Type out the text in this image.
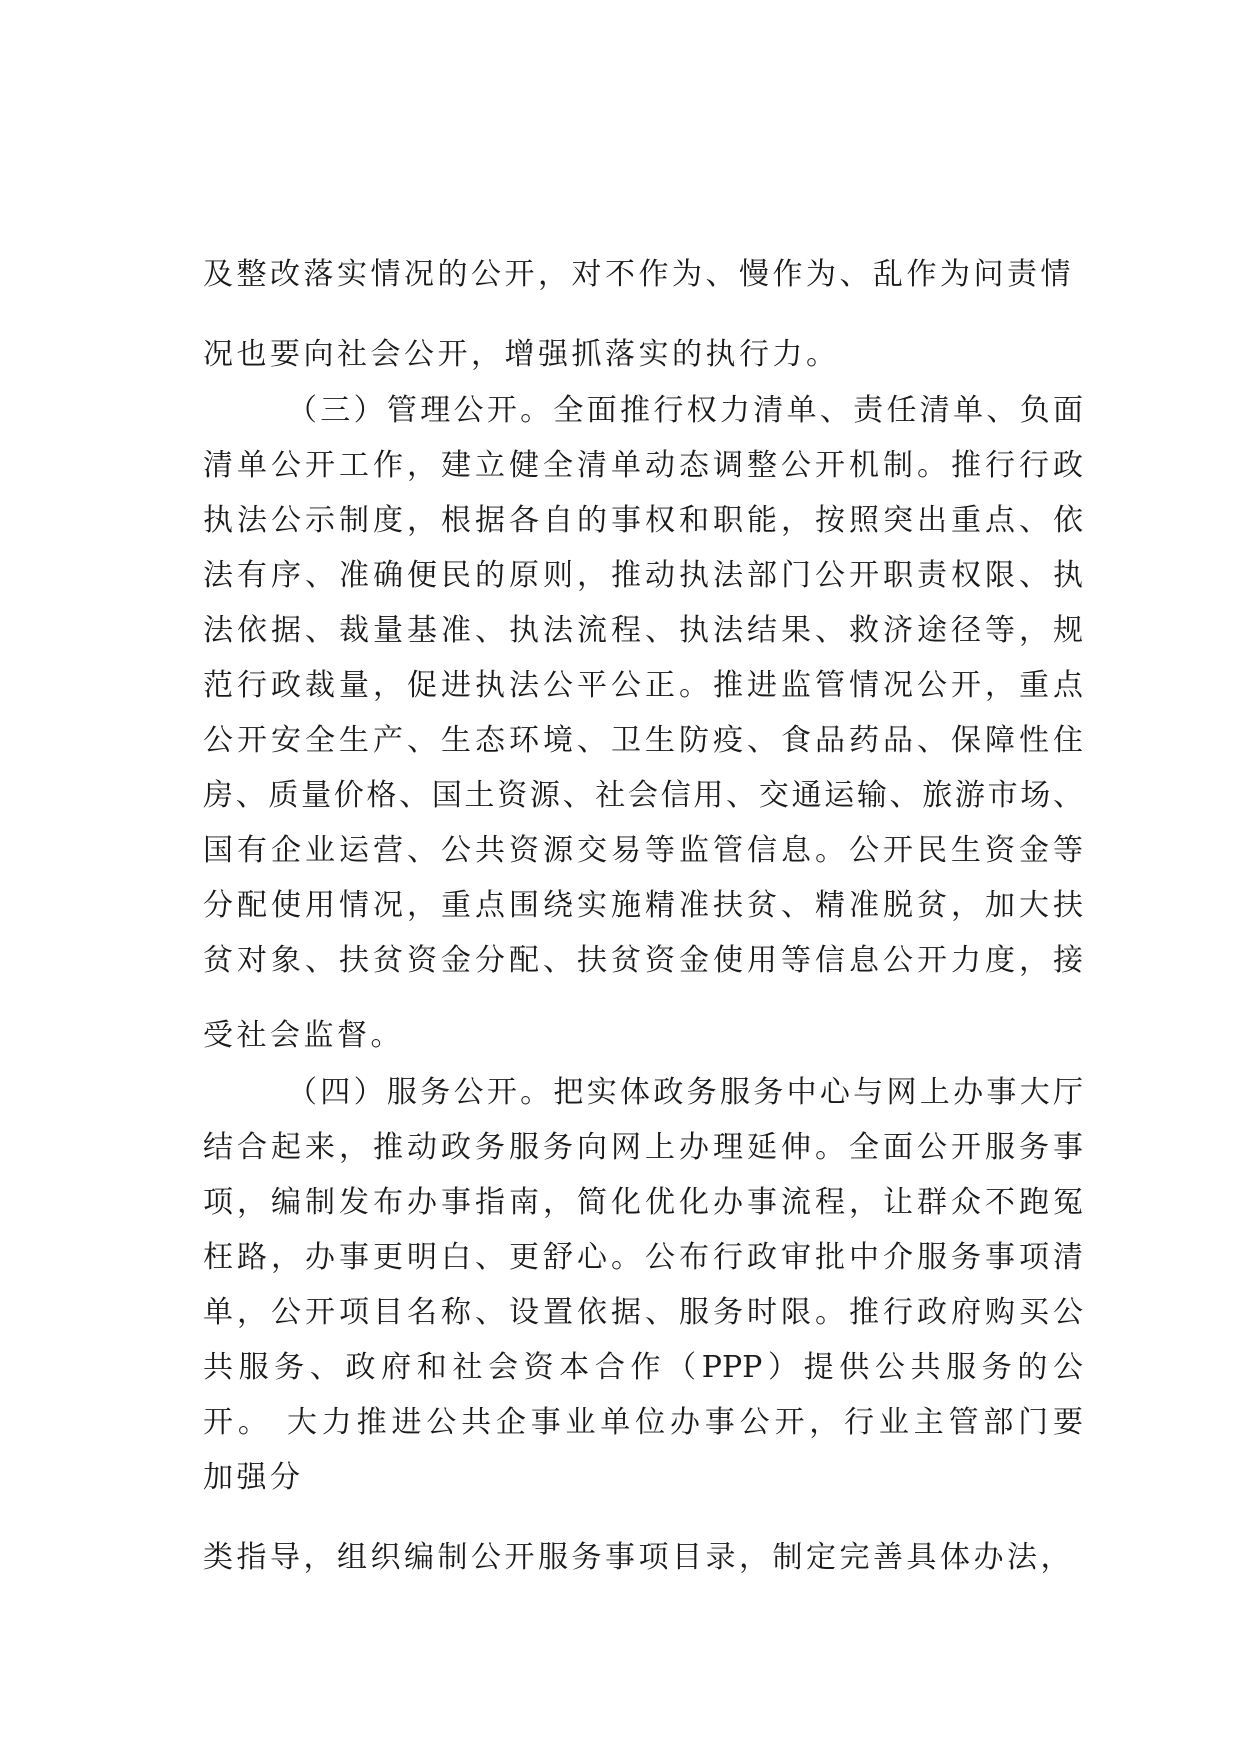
及整改落实情况的公开，对不作为、慢作为、乱作为问责情
况也要向社会公开，增强抓落实的执行力。
（三）管理公开。全面推行权力清单、责任清单、负面
清单公开工作，建立健全清单动态调整公开机制。推行行政
执法公示制度，根据各自的事权和职能，按照突出重点、依
法有序、准确便民的原则，推动执法部门公开职责权限、执
法依据、裁量基准、执法流程、执法结果、救济途径等，规
范行政裁量，促进执法公平公正。推进监管情况公开，重点
公开安全生产、生态环境、卫生防疫、食品药品、保障性住
房、质量价格、国土资源、社会信用、交通运输、旅游市场、
国有企业运营、公共资源交易等监管信息。公开民生资金等
分配使用情况，重点围绕实施精准扶贫、精准脱贫，加大扶
贫对象、扶贫资金分配、扶贫资金使用等信息公开力度，接
受社会监督。
（四）服务公开。把实体政务服务中心与网上办事大厅
结合起来，推动政务服务向网上办理延伸。全面公开服务事
项，编制发布办事指南，简化优化办事流程，让群众不跑冤
枉路，办事更明白、更舒心。公布行政审批中介服务事项清
单，公开项目名称、设置依据、服务时限。推行政府购买公
共服务、政府和社会资本合作（PPP）提供公共服务的公
开。 大力推进公共企事业单位办事公开，行业主管部门要
加强分
类指导，组织编制公开服务事项目录，制定完善具体办法，
